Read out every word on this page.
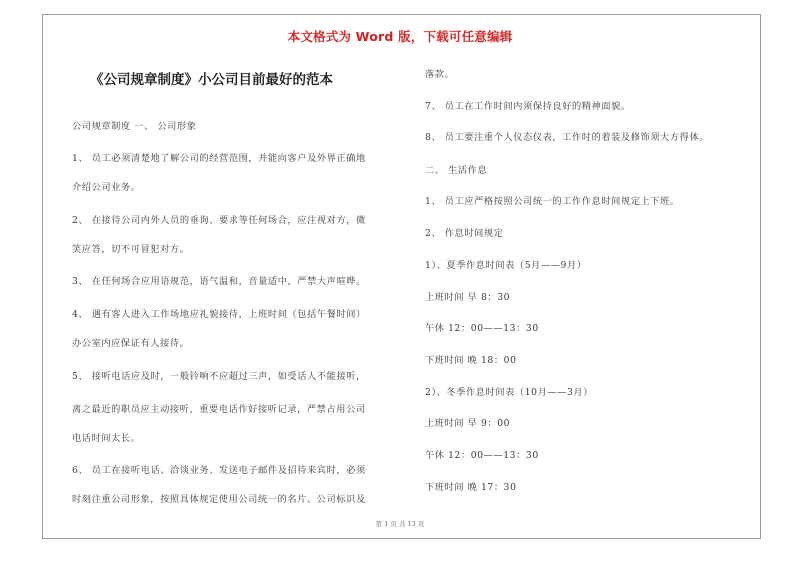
本文格式为 Word 版，下载可任意编辑
《公司规章制度》小公司目前最好的范本
公司规章制度 一、 公司形象
1、 员工必须清楚地了解公司的经营范围，并能向客户及外界正确地
介绍公司业务。
2、 在接待公司内外人员的垂询、要求等任何场合，应注视对方，微
笑应答，切不可冒犯对方。
3、 在任何场合应用语规范，语气温和，音量适中，严禁大声喧哗。
4、 遇有客人进入工作场地应礼貌接待，上班时间（包括午餐时间）
办公室内应保证有人接待。
5、 接听电话应及时，一般铃响不应超过三声，如受话人不能接听，
离之最近的职员应主动接听，重要电话作好接听记录，严禁占用公司
电话时间太长。
6、 员工在接听电话、洽谈业务、发送电子邮件及招待来宾时，必须
时刻注重公司形象，按照具体规定使用公司统一的名片、公司标识及
落款。
7、 员工在工作时间内须保持良好的精神面貌。
8、 员工要注重个人仪态仪表，工作时的着装及修饰须大方得体。
二、 生活作息
1、 员工应严格按照公司统一的工作作息时间规定上下班。
2、 作息时间规定
1）、夏季作息时间表（5月——9月）
上班时间 早 8：30
午休 12：00——13：30
下班时间 晚 18：00
2）、冬季作息时间表（10月——3月）
上班时间 早 9：00
午休 12：00——13：30
下班时间 晚 17：30
第 1 页 共 13 页
